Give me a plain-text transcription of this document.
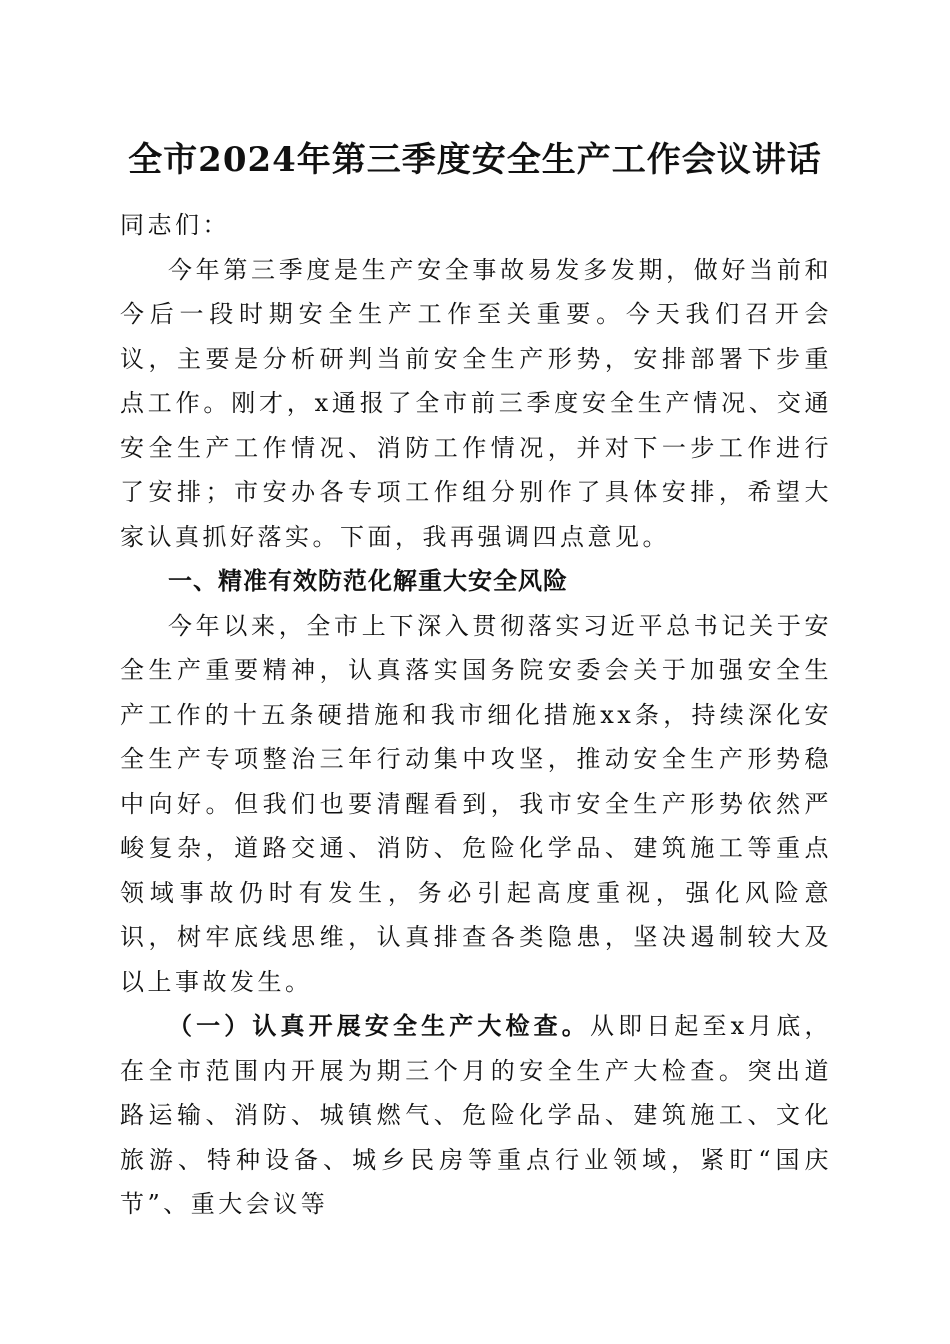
全市2024年第三季度安全生产工作会议讲话

同志们：

今年第三季度是生产安全事故易发多发期，做好当前和今后一段时期安全生产工作至关重要。今天我们召开会议，主要是分析研判当前安全生产形势，安排部署下步重点工作。刚才，x通报了全市前三季度安全生产情况、交通安全生产工作情况、消防工作情况，并对下一步工作进行了安排；市安办各专项工作组分别作了具体安排，希望大家认真抓好落实。下面，我再强调四点意见。

一、精准有效防范化解重大安全风险

今年以来，全市上下深入贯彻落实习近平总书记关于安全生产重要精神，认真落实国务院安委会关于加强安全生产工作的十五条硬措施和我市细化措施xx条，持续深化安全生产专项整治三年行动集中攻坚，推动安全生产形势稳中向好。但我们也要清醒看到，我市安全生产形势依然严峻复杂，道路交通、消防、危险化学品、建筑施工等重点领域事故仍时有发生，务必引起高度重视，强化风险意识，树牢底线思维，认真排查各类隐患，坚决遏制较大及以上事故发生。

（一）认真开展安全生产大检查。从即日起至x月底，在全市范围内开展为期三个月的安全生产大检查。突出道路运输、消防、城镇燃气、危险化学品、建筑施工、文化旅游、特种设备、城乡民房等重点行业领域，紧盯“国庆节”、重大会议等
